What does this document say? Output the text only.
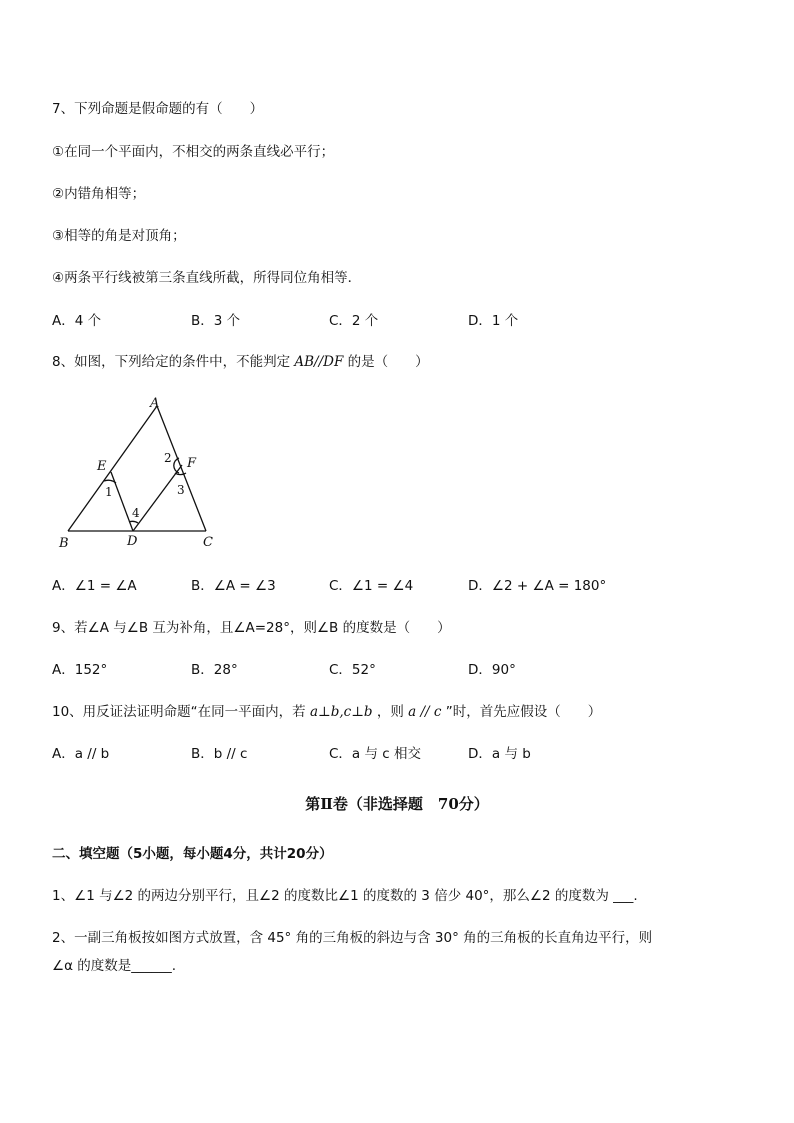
7、下列命题是假命题的有（　　）
①在同一个平面内，不相交的两条直线必平行；
②内错角相等；
③相等的角是对顶角；
④两条平行线被第三条直线所截，所得同位角相等．
A．4 个	B．3 个	C．2 个	D．1 个
8、如图，下列给定的条件中，不能判定 AB//DF 的是（　　）
A
B	C
D
E	F
1
2
3
4
A．∠1 = ∠A	B．∠A = ∠3	C．∠1 = ∠4	D．∠2 + ∠A = 180°
9、若∠A 与∠B 互为补角，且∠A=28°，则∠B 的度数是（　　）
A．152°	B．28°	C．52°	D．90°
10、用反证法证明命题“在同一平面内，若 a⊥b,c⊥b ，则 a // c ”时，首先应假设（　　）
A．a // b	B．b // c	C．a 与 c 相交	D．a 与 b
第Ⅱ卷（非选择题　70分）
二、填空题（5小题，每小题4分，共计20分）
1、∠1 与∠2 的两边分别平行，且∠2 的度数比∠1 的度数的 3 倍少 40°，那么∠2 的度数为 ___.
2、一副三角板按如图方式放置，含 45° 角的三角板的斜边与含 30° 角的三角板的长直角边平行，则
∠α 的度数是______.
